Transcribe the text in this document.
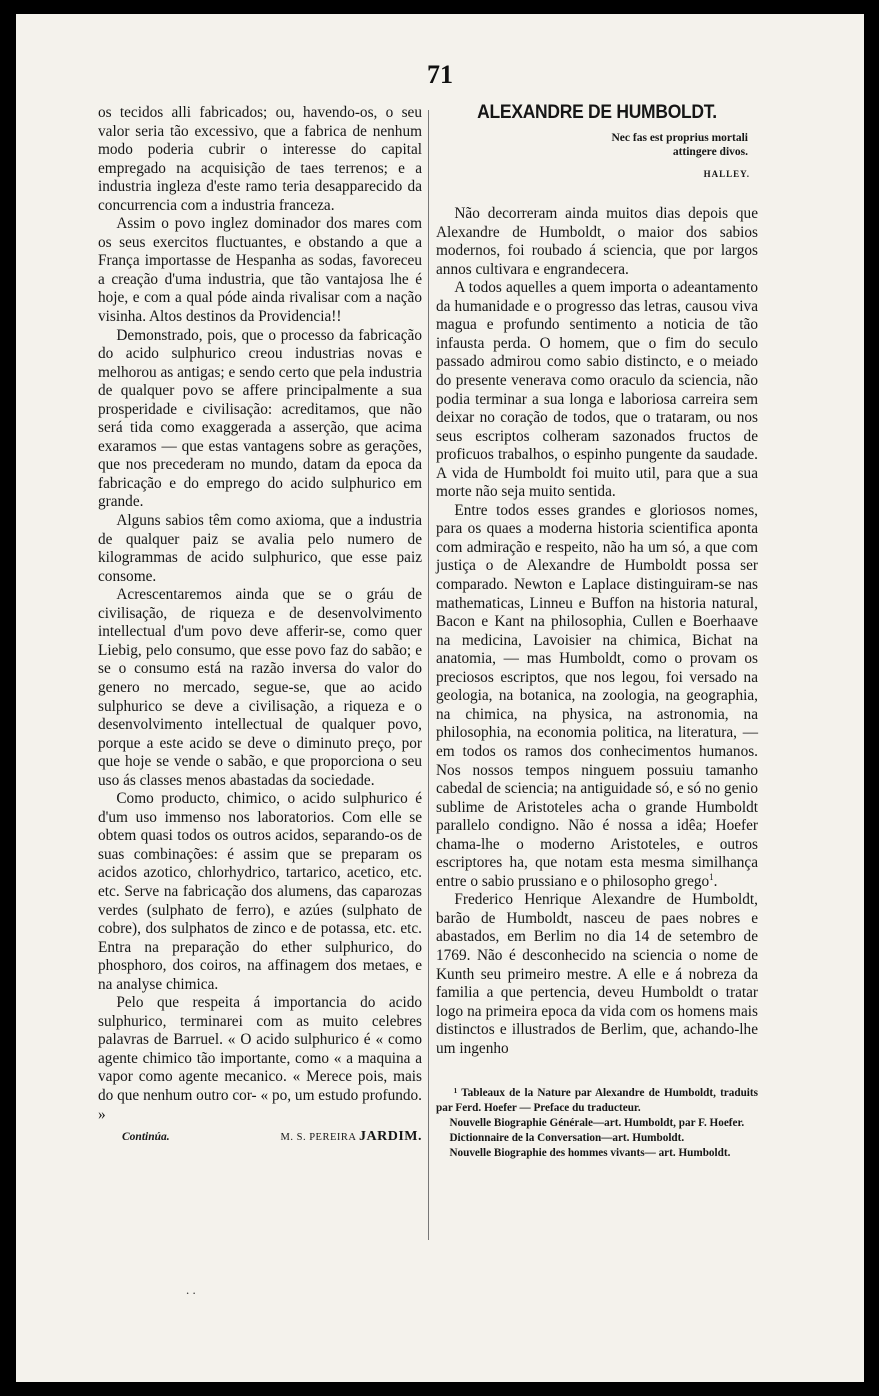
71

os tecidos alli fabricados; ou, havendo-os, o seu valor seria tão excessivo, que a fabrica de nenhum modo poderia cubrir o interesse do capital empregado na acquisição de taes terrenos; e a industria ingleza d'este ramo teria desapparecido da concurrencia com a industria franceza.

Assim o povo inglez dominador dos mares com os seus exercitos fluctuantes, e obstando a que a França importasse de Hespanha as sodas, favoreceu a creação d'uma industria, que tão vantajosa lhe é hoje, e com a qual póde ainda rivalisar com a nação visinha. Altos destinos da Providencia!!

Demonstrado, pois, que o processo da fabricação do acido sulphurico creou industrias novas e melhorou as antigas; e sendo certo que pela industria de qualquer povo se affere principalmente a sua prosperidade e civilisação: acreditamos, que não será tida como exaggerada a asserção, que acima exaramos — que estas vantagens sobre as gerações, que nos precederam no mundo, datam da epoca da fabricação e do emprego do acido sulphurico em grande.

Alguns sabios têm como axioma, que a industria de qualquer paiz se avalia pelo numero de kilogrammas de acido sulphurico, que esse paiz consome.

Acrescentaremos ainda que se o gráu de civilisação, de riqueza e de desenvolvimento intellectual d'um povo deve afferir-se, como quer Liebig, pelo consumo, que esse povo faz do sabão; e se o consumo está na razão inversa do valor do genero no mercado, segue-se, que ao acido sulphurico se deve a civilisação, a riqueza e o desenvolvimento intellectual de qualquer povo, porque a este acido se deve o diminuto preço, por que hoje se vende o sabão, e que proporciona o seu uso ás classes menos abastadas da sociedade.

Como producto, chimico, o acido sulphurico é d'um uso immenso nos laboratorios. Com elle se obtem quasi todos os outros acidos, separando-os de suas combinações: é assim que se preparam os acidos azotico, chlorhydrico, tartarico, acetico, etc. etc. Serve na fabricação dos alumens, das caparozas verdes (sulphato de ferro), e azúes (sulphato de cobre), dos sulphatos de zinco e de potassa, etc. etc. Entra na preparação do ether sulphurico, do phosphoro, dos coiros, na affinagem dos metaes, e na analyse chimica.

Pelo que respeita á importancia do acido sulphurico, terminarei com as muito celebres palavras de Barruel. « O acido sulphurico é « como agente chimico tão importante, como « a maquina a vapor como agente mecanico. « Merece pois, mais do que nenhum outro cor- « po, um estudo profundo. »

Continúa.	M. S. PEREIRA JARDIM.
ALEXANDRE DE HUMBOLDT.
Nec fas est proprius mortali
attingere divos.
HALLEY.

Não decorreram ainda muitos dias depois que Alexandre de Humboldt, o maior dos sabios modernos, foi roubado á sciencia, que por largos annos cultivara e engrandecera.

A todos aquelles a quem importa o adeantamento da humanidade e o progresso das letras, causou viva magua e profundo sentimento a noticia de tão infausta perda. O homem, que o fim do seculo passado admirou como sabio distincto, e o meiado do presente venerava como oraculo da sciencia, não podia terminar a sua longa e laboriosa carreira sem deixar no coração de todos, que o trataram, ou nos seus escriptos colheram sazonados fructos de proficuos trabalhos, o espinho pungente da saudade. A vida de Humboldt foi muito util, para que a sua morte não seja muito sentida.

Entre todos esses grandes e gloriosos nomes, para os quaes a moderna historia scientifica aponta com admiração e respeito, não ha um só, a que com justiça o de Alexandre de Humboldt possa ser comparado. Newton e Laplace distinguiram-se nas mathematicas, Linneu e Buffon na historia natural, Bacon e Kant na philosophia, Cullen e Boerhaave na medicina, Lavoisier na chimica, Bichat na anatomia, — mas Humboldt, como o provam os preciosos escriptos, que nos legou, foi versado na geologia, na botanica, na zoologia, na geographia, na chimica, na physica, na astronomia, na philosophia, na economia politica, na literatura, — em todos os ramos dos conhecimentos humanos. Nos nossos tempos ninguem possuiu tamanho cabedal de sciencia; na antiguidade só, e só no genio sublime de Aristoteles acha o grande Humboldt parallelo condigno. Não é nossa a idêa; Hoefer chama-lhe o moderno Aristoteles, e outros escriptores ha, que notam esta mesma similhança entre o sabio prussiano e o philosopho grego$^1$.

Frederico Henrique Alexandre de Humboldt, barão de Humboldt, nasceu de paes nobres e abastados, em Berlim no dia 14 de setembro de 1769. Não é desconhecido na sciencia o nome de Kunth seu primeiro mestre. A elle e á nobreza da familia a que pertencia, deveu Humboldt o tratar logo na primeira epoca da vida com os homens mais distinctos e illustrados de Berlim, que, achando-lhe um ingenho

¹ Tableaux de la Nature par Alexandre de Humboldt, traduits par Ferd. Hoefer — Preface du traducteur.

Nouvelle Biographie Générale—art. Humboldt, par F. Hoefer.

Dictionnaire de la Conversation—art. Humboldt.

Nouvelle Biographie des hommes vivants— art. Humboldt.

. .
